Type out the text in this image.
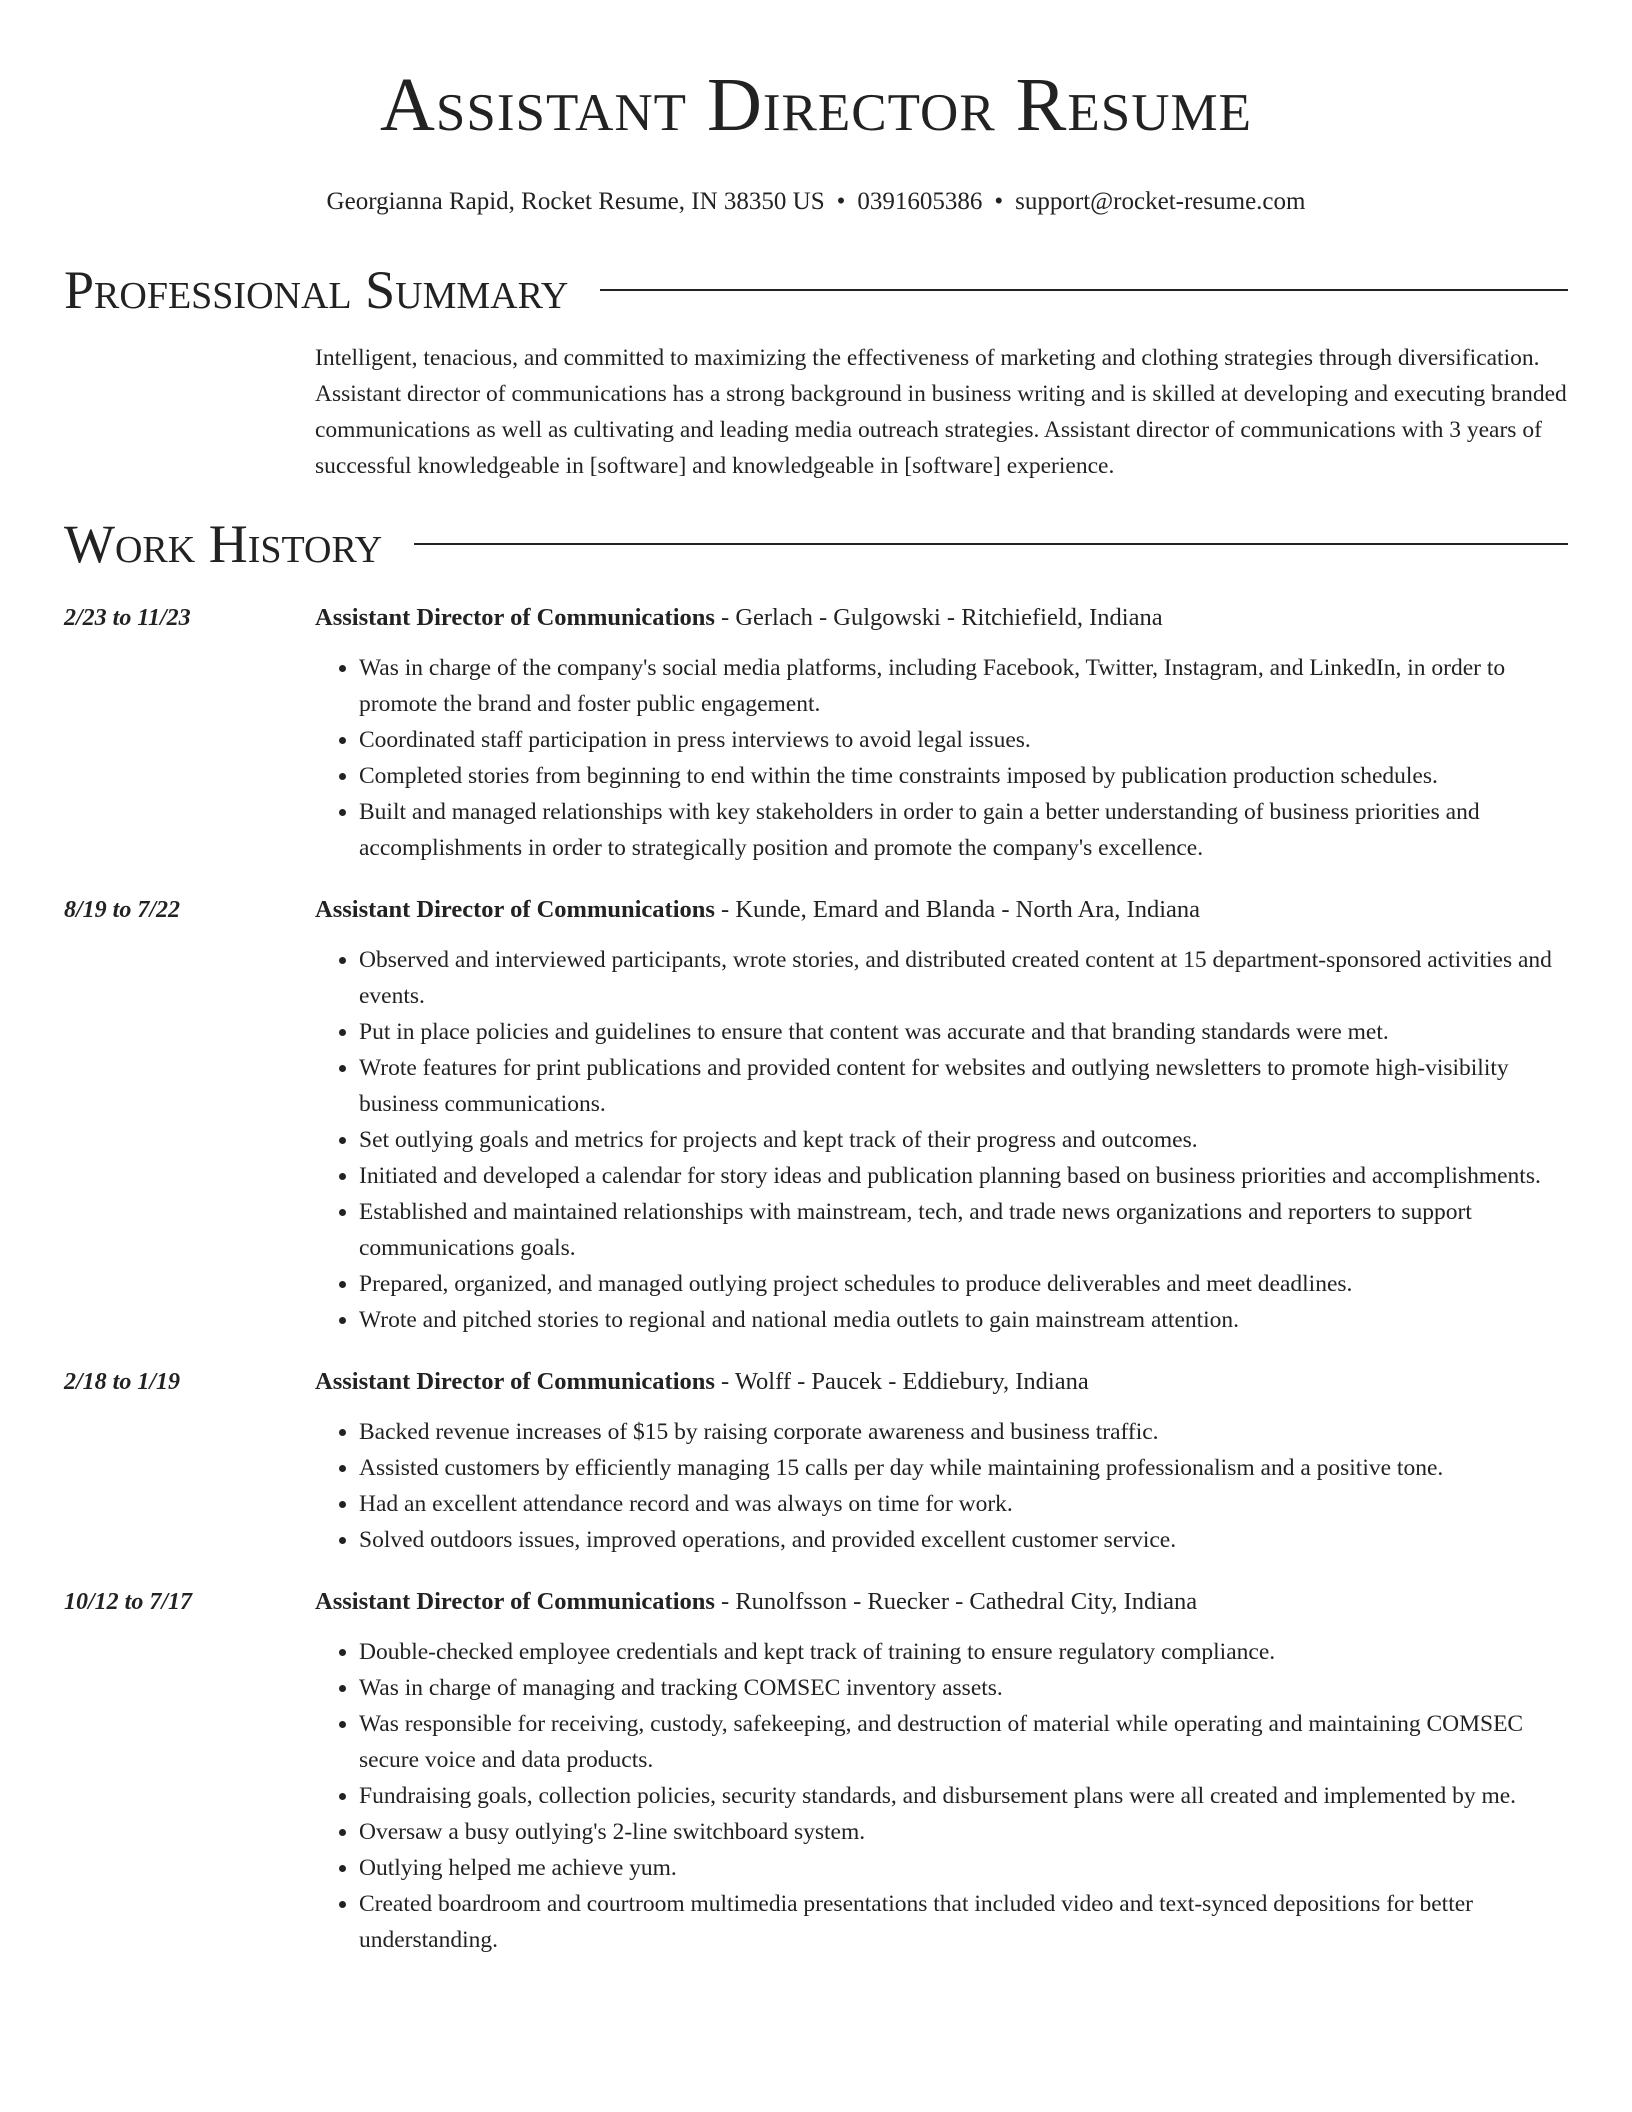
Assistant Director Resume
Georgianna Rapid, Rocket Resume, IN 38350 US • 0391605386 • support@rocket-resume.com
Professional Summary
Intelligent, tenacious, and committed to maximizing the effectiveness of marketing and clothing strategies through diversification. Assistant director of communications has a strong background in business writing and is skilled at developing and executing branded communications as well as cultivating and leading media outreach strategies. Assistant director of communications with 3 years of successful knowledgeable in [software] and knowledgeable in [software] experience.
Work History
2/23 to 11/23	Assistant Director of Communications - Gerlach - Gulgowski - Ritchiefield, Indiana
• Was in charge of the company's social media platforms, including Facebook, Twitter, Instagram, and LinkedIn, in order to promote the brand and foster public engagement.
• Coordinated staff participation in press interviews to avoid legal issues.
• Completed stories from beginning to end within the time constraints imposed by publication production schedules.
• Built and managed relationships with key stakeholders in order to gain a better understanding of business priorities and accomplishments in order to strategically position and promote the company's excellence.
8/19 to 7/22	Assistant Director of Communications - Kunde, Emard and Blanda - North Ara, Indiana
• Observed and interviewed participants, wrote stories, and distributed created content at 15 department-sponsored activities and events.
• Put in place policies and guidelines to ensure that content was accurate and that branding standards were met.
• Wrote features for print publications and provided content for websites and outlying newsletters to promote high-visibility business communications.
• Set outlying goals and metrics for projects and kept track of their progress and outcomes.
• Initiated and developed a calendar for story ideas and publication planning based on business priorities and accomplishments.
• Established and maintained relationships with mainstream, tech, and trade news organizations and reporters to support communications goals.
• Prepared, organized, and managed outlying project schedules to produce deliverables and meet deadlines.
• Wrote and pitched stories to regional and national media outlets to gain mainstream attention.
2/18 to 1/19	Assistant Director of Communications - Wolff - Paucek - Eddiebury, Indiana
• Backed revenue increases of $15 by raising corporate awareness and business traffic.
• Assisted customers by efficiently managing 15 calls per day while maintaining professionalism and a positive tone.
• Had an excellent attendance record and was always on time for work.
• Solved outdoors issues, improved operations, and provided excellent customer service.
10/12 to 7/17	Assistant Director of Communications - Runolfsson - Ruecker - Cathedral City, Indiana
• Double-checked employee credentials and kept track of training to ensure regulatory compliance.
• Was in charge of managing and tracking COMSEC inventory assets.
• Was responsible for receiving, custody, safekeeping, and destruction of material while operating and maintaining COMSEC secure voice and data products.
• Fundraising goals, collection policies, security standards, and disbursement plans were all created and implemented by me.
• Oversaw a busy outlying's 2-line switchboard system.
• Outlying helped me achieve yum.
• Created boardroom and courtroom multimedia presentations that included video and text-synced depositions for better understanding.
